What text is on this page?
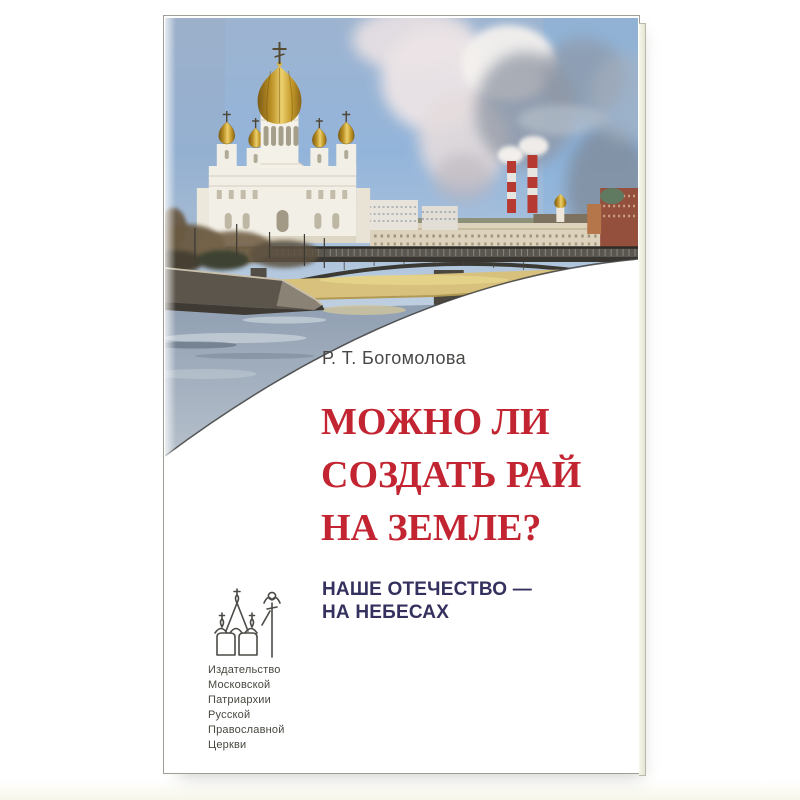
Р. Т. Богомолова
МОЖНО ЛИ
СОЗДАТЬ РАЙ
НА ЗЕМЛЕ?
НАШЕ ОТЕЧЕСТВО —
НА НЕБЕСАХ
Издательство
Московской
Патриархии
Русской
Православной
Церкви
